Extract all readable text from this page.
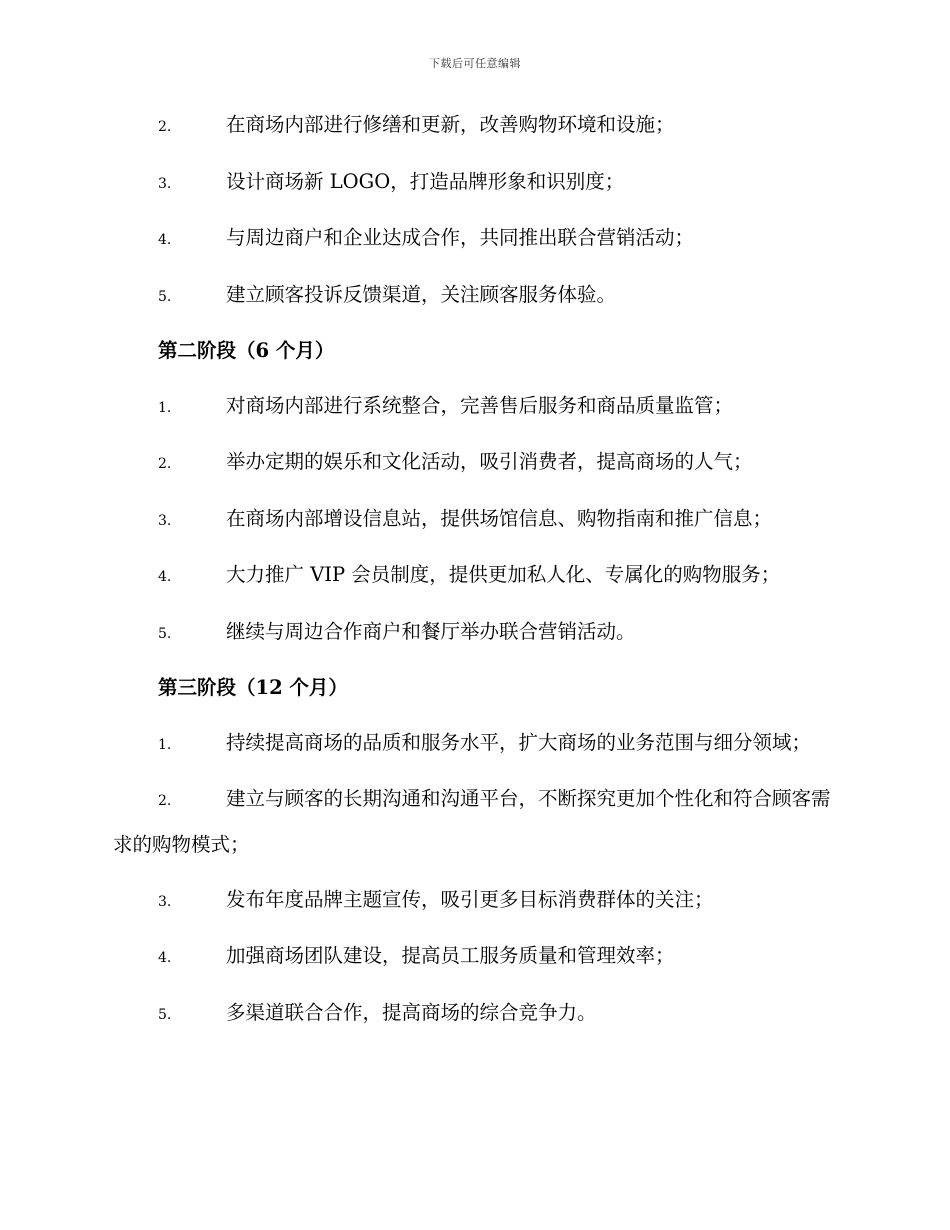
下载后可任意编辑

2.	在商场内部进行修缮和更新，改善购物环境和设施；

3.	设计商场新 LOGO，打造品牌形象和识别度；

4.	与周边商户和企业达成合作，共同推出联合营销活动；

5.	建立顾客投诉反馈渠道，关注顾客服务体验。

第二阶段（6 个月）

1.	对商场内部进行系统整合，完善售后服务和商品质量监管；

2.	举办定期的娱乐和文化活动，吸引消费者，提高商场的人气；

3.	在商场内部增设信息站，提供场馆信息、购物指南和推广信息；

4.	大力推广 VIP 会员制度，提供更加私人化、专属化的购物服务；

5.	继续与周边合作商户和餐厅举办联合营销活动。

第三阶段（12 个月）

1.	持续提高商场的品质和服务水平，扩大商场的业务范围与细分领域；

2.	建立与顾客的长期沟通和沟通平台，不断探究更加个性化和符合顾客需求的购物模式；

3.	发布年度品牌主题宣传，吸引更多目标消费群体的关注；

4.	加强商场团队建设，提高员工服务质量和管理效率；

5.	多渠道联合合作，提高商场的综合竞争力。
